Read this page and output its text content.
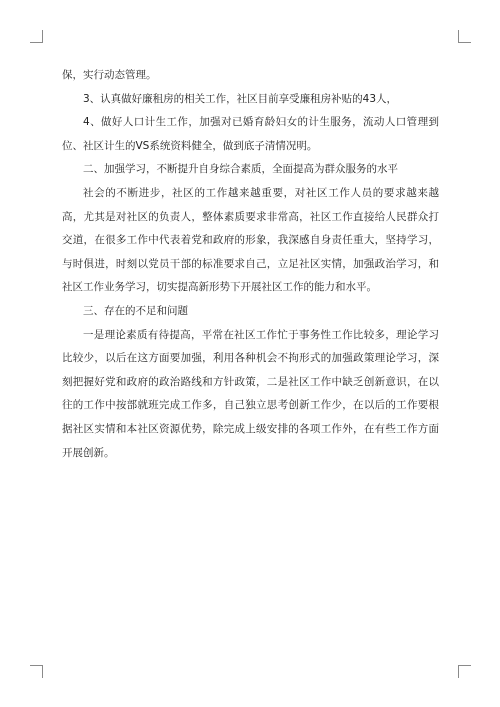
保，实行动态管理。

3、认真做好廉租房的相关工作，社区目前享受廉租房补贴的43人，

4、做好人口计生工作，加强对已婚育龄妇女的计生服务，流动人口管理到位、社区计生的VS系统资料健全，做到底子清情况明。

二、加强学习，不断提升自身综合素质，全面提高为群众服务的水平

社会的不断进步，社区的工作越来越重要，对社区工作人员的要求越来越高，尤其是对社区的负责人，整体素质要求非常高，社区工作直接给人民群众打交道，在很多工作中代表着党和政府的形象，我深感自身责任重大，坚持学习，与时俱进，时刻以党员干部的标准要求自己，立足社区实情，加强政治学习，和社区工作业务学习，切实提高新形势下开展社区工作的能力和水平。

三、存在的不足和问题

一是理论素质有待提高，平常在社区工作忙于事务性工作比较多，理论学习比较少，以后在这方面要加强，利用各种机会不拘形式的加强政策理论学习，深刻把握好党和政府的政治路线和方针政策，二是社区工作中缺乏创新意识，在以往的工作中按部就班完成工作多，自己独立思考创新工作少，在以后的工作要根据社区实情和本社区资源优势，除完成上级安排的各项工作外，在有些工作方面开展创新。
